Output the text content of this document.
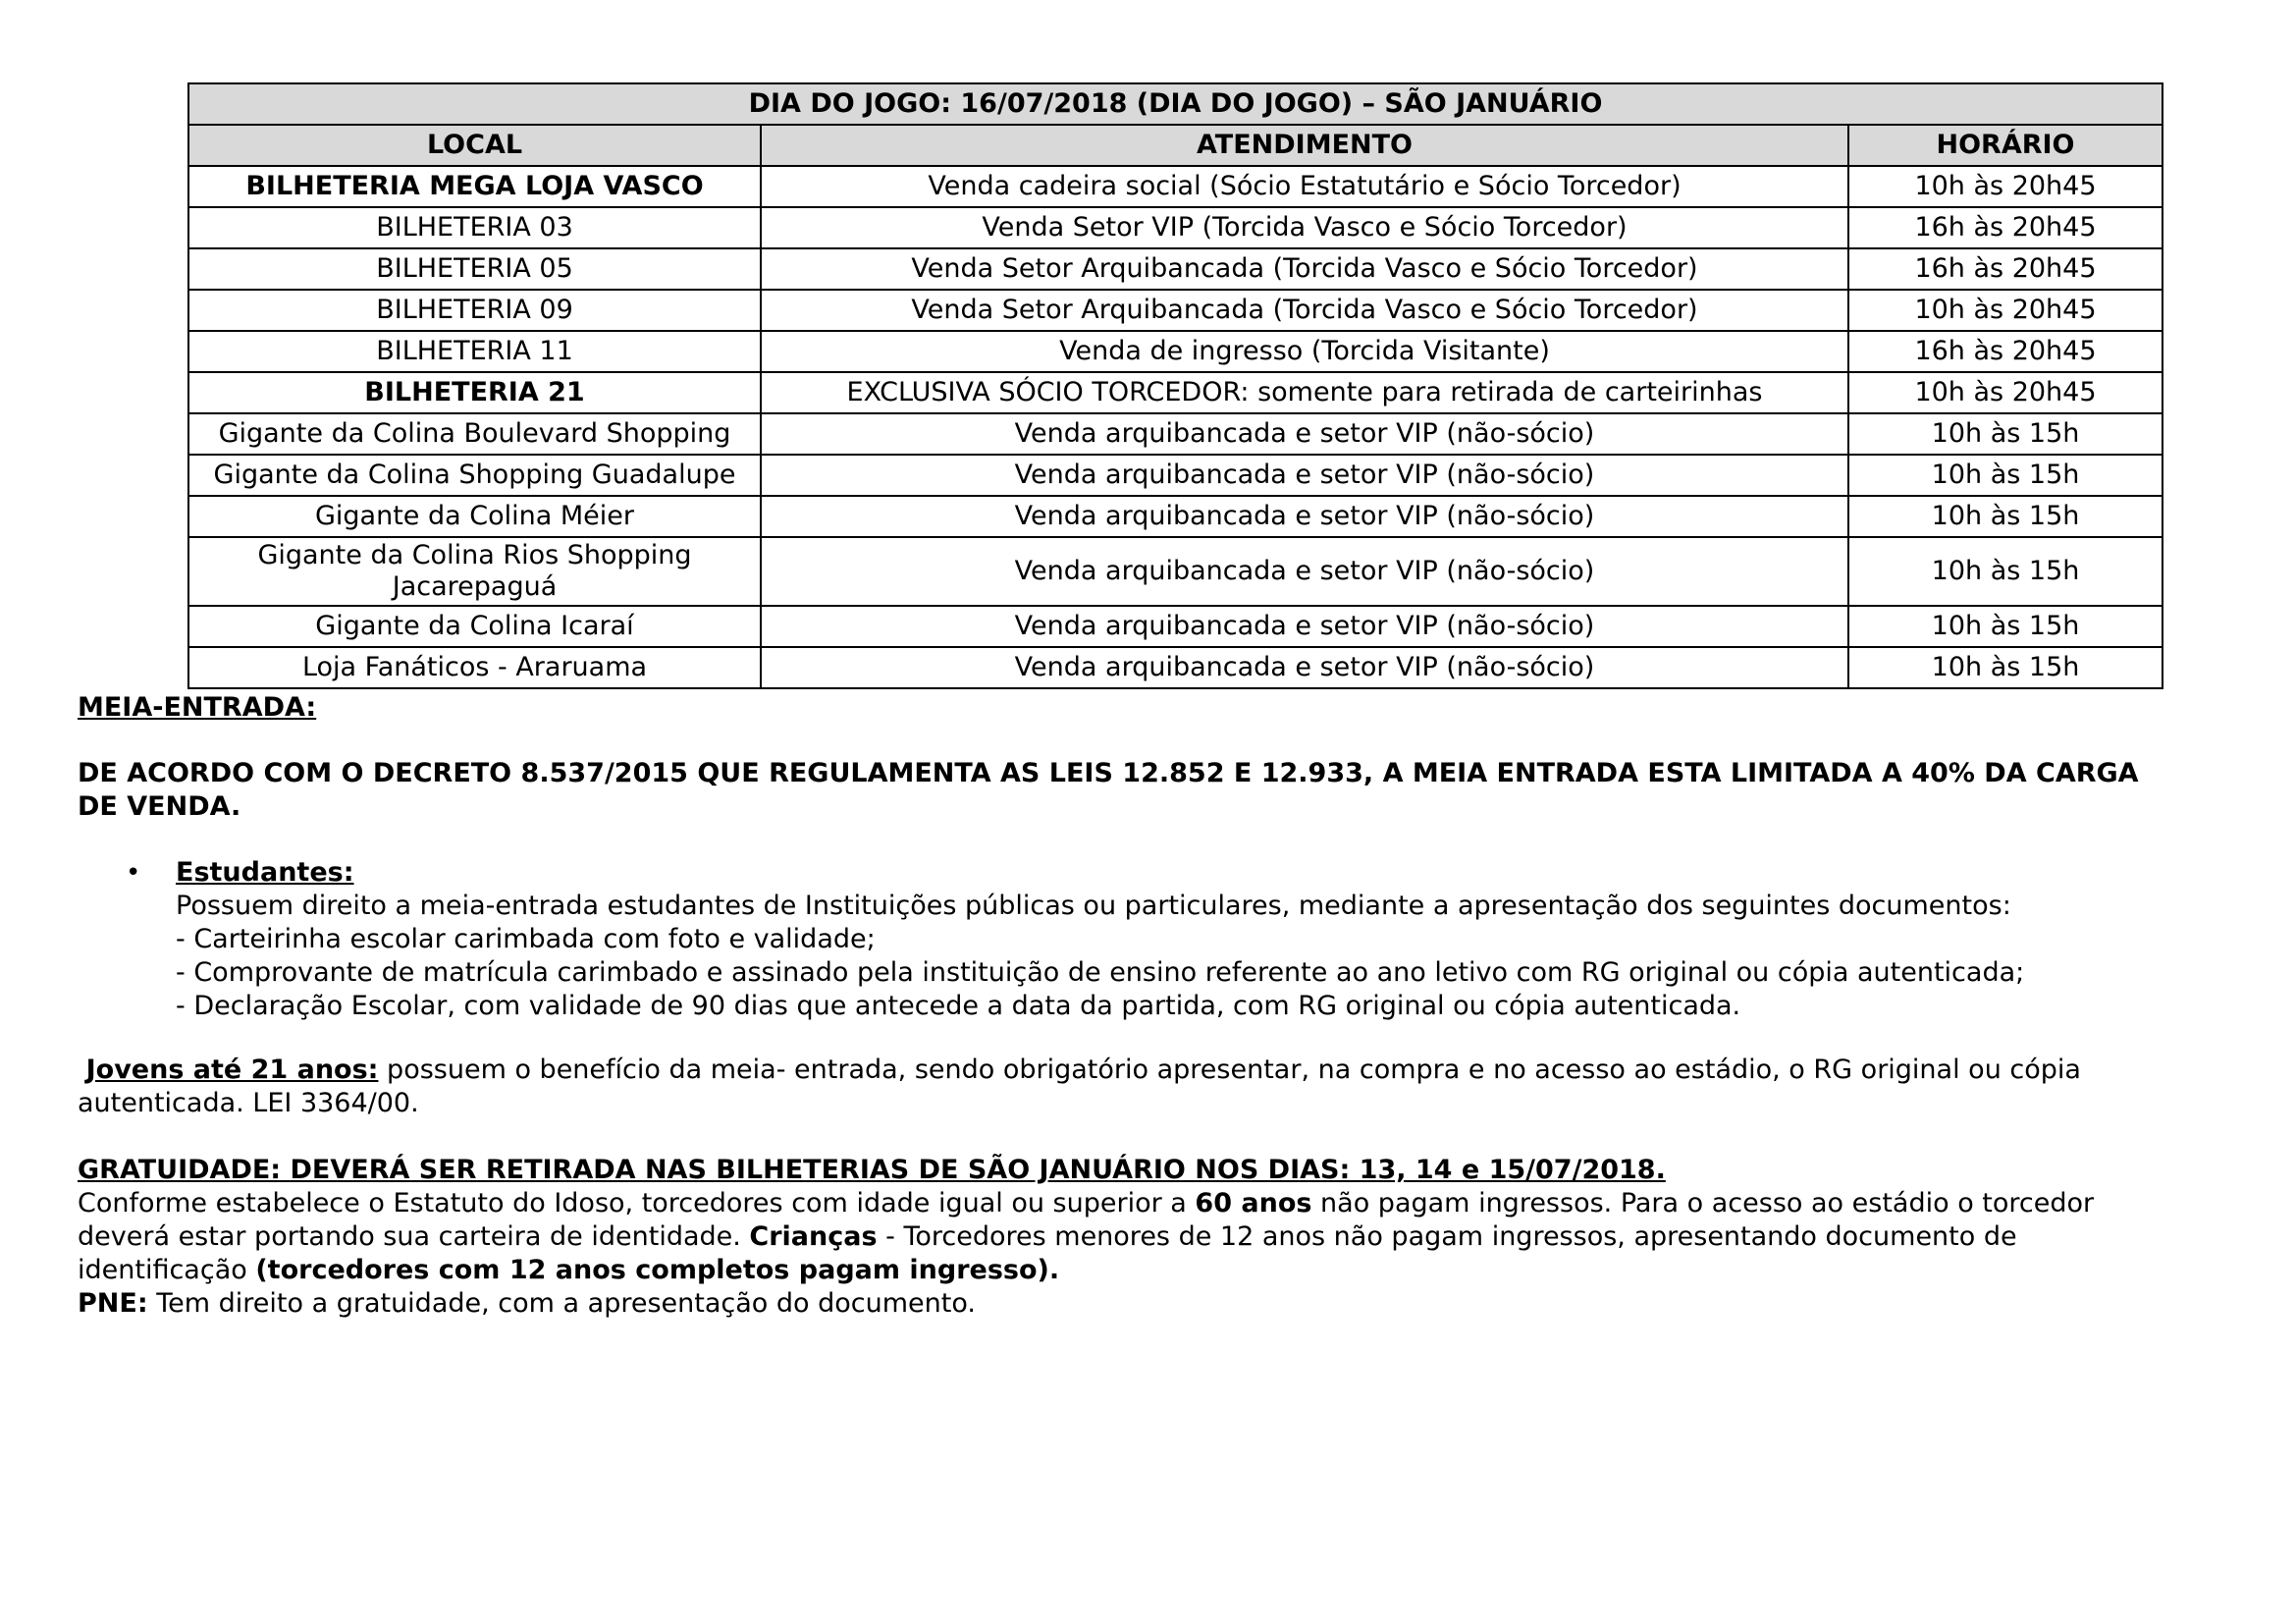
DIA DO JOGO: 16/07/2018 (DIA DO JOGO) – SÃO JANUÁRIO		
LOCAL	ATENDIMENTO	HORÁRIO
BILHETERIA MEGA LOJA VASCO	Venda cadeira social (Sócio Estatutário e Sócio Torcedor)	10h às 20h45
BILHETERIA 03	Venda Setor VIP (Torcida Vasco e Sócio Torcedor)	16h às 20h45
BILHETERIA 05	Venda Setor Arquibancada (Torcida Vasco e Sócio Torcedor)	16h às 20h45
BILHETERIA 09	Venda Setor Arquibancada (Torcida Vasco e Sócio Torcedor)	10h às 20h45
BILHETERIA 11	Venda de ingresso (Torcida Visitante)	16h às 20h45
BILHETERIA 21	EXCLUSIVA SÓCIO TORCEDOR: somente para retirada de carteirinhas	10h às 20h45
Gigante da Colina Boulevard Shopping	Venda arquibancada e setor VIP (não-sócio)	10h às 15h
Gigante da Colina Shopping Guadalupe	Venda arquibancada e setor VIP (não-sócio)	10h às 15h
Gigante da Colina Méier	Venda arquibancada e setor VIP (não-sócio)	10h às 15h

Gigante da Colina Rios Shopping
Jacarepaguá	Venda arquibancada e setor VIP (não-sócio)	10h às 15h
Gigante da Colina Icaraí	Venda arquibancada e setor VIP (não-sócio)	10h às 15h
Loja Fanáticos - Araruama	Venda arquibancada e setor VIP (não-sócio)	10h às 15h
MEIA-ENTRADA:
DE ACORDO COM O DECRETO 8.537/2015 QUE REGULAMENTA AS LEIS 12.852 E 12.933, A MEIA ENTRADA ESTA LIMITADA A 40% DA CARGA
DE VENDA.
• Estudantes:
Possuem direito a meia-entrada estudantes de Instituições públicas ou particulares, mediante a apresentação dos seguintes documentos:
- Carteirinha escolar carimbada com foto e validade;
- Comprovante de matrícula carimbado e assinado pela instituição de ensino referente ao ano letivo com RG original ou cópia autenticada;
- Declaração Escolar, com validade de 90 dias que antecede a data da partida, com RG original ou cópia autenticada.
Jovens até 21 anos: possuem o benefício da meia- entrada, sendo obrigatório apresentar, na compra e no acesso ao estádio, o RG original ou cópia
autenticada. LEI 3364/00.
GRATUIDADE: DEVERÁ SER RETIRADA NAS BILHETERIAS DE SÃO JANUÁRIO NOS DIAS: 13, 14 e 15/07/2018.
Conforme estabelece o Estatuto do Idoso, torcedores com idade igual ou superior a 60 anos não pagam ingressos. Para o acesso ao estádio o torcedor
deverá estar portando sua carteira de identidade. Crianças - Torcedores menores de 12 anos não pagam ingressos, apresentando documento de
identificação (torcedores com 12 anos completos pagam ingresso).
PNE: Tem direito a gratuidade, com a apresentação do documento.
